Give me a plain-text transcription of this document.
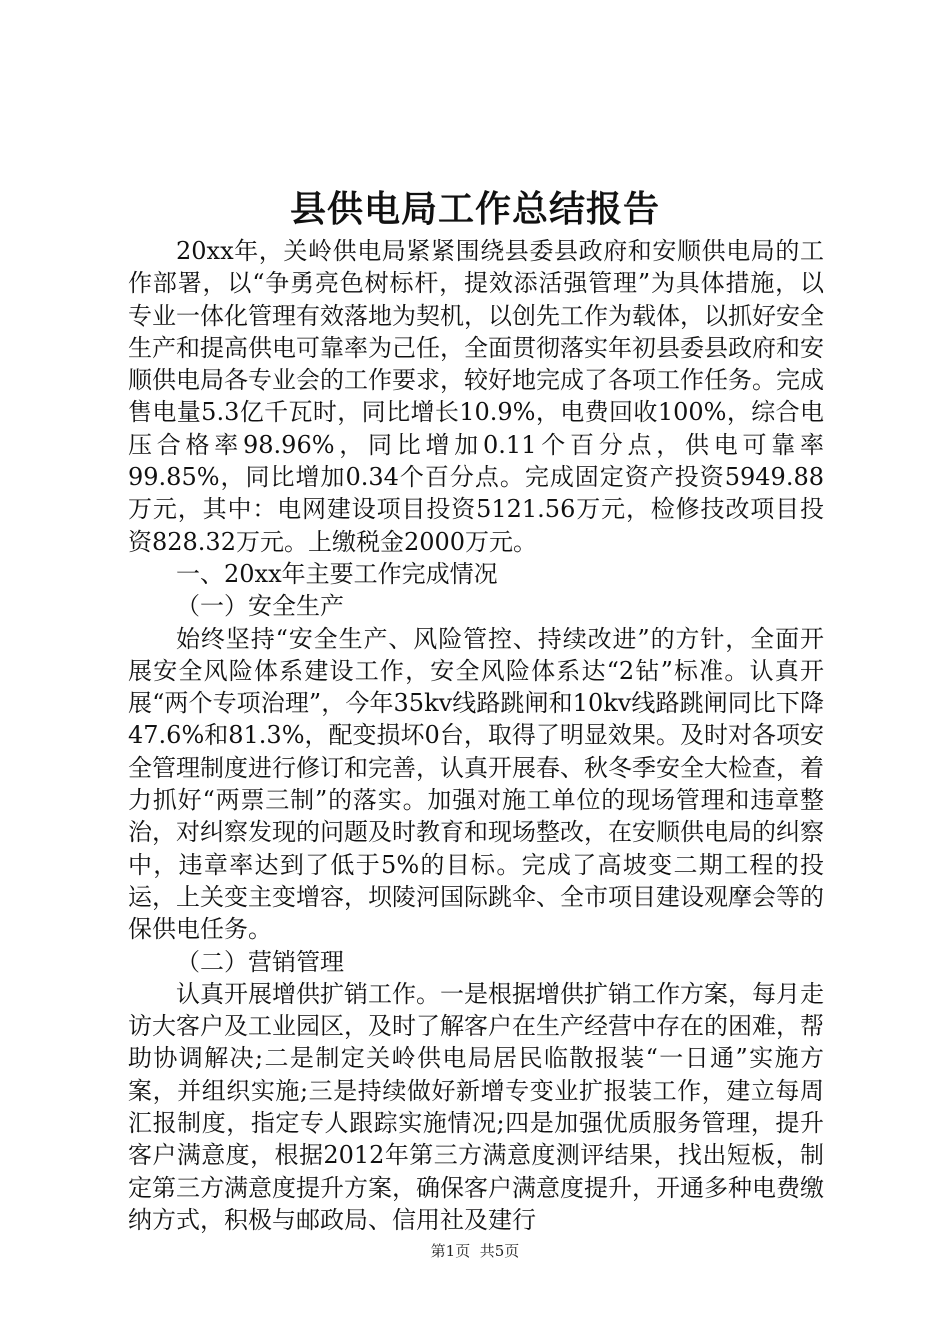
县供电局工作总结报告

20xx年，关岭供电局紧紧围绕县委县政府和安顺供电局的工作部署，以“争勇亮色树标杆，提效添活强管理”为具体措施，以专业一体化管理有效落地为契机，以创先工作为载体，以抓好安全生产和提高供电可靠率为己任，全面贯彻落实年初县委县政府和安顺供电局各专业会的工作要求，较好地完成了各项工作任务。完成售电量5.3亿千瓦时，同比增长10.9%，电费回收100%，综合电压合格率98.96%，同比增加0.11个百分点，供电可靠率99.85%，同比增加0.34个百分点。完成固定资产投资5949.88万元，其中：电网建设项目投资5121.56万元，检修技改项目投资828.32万元。上缴税金2000万元。

一、20xx年主要工作完成情况

（一）安全生产

始终坚持“安全生产、风险管控、持续改进”的方针，全面开展安全风险体系建设工作，安全风险体系达“2钻”标准。认真开展“两个专项治理”，今年35kv线路跳闸和10kv线路跳闸同比下降47.6%和81.3%，配变损坏0台，取得了明显效果。及时对各项安全管理制度进行修订和完善，认真开展春、秋冬季安全大检查，着力抓好“两票三制”的落实。加强对施工单位的现场管理和违章整治，对纠察发现的问题及时教育和现场整改，在安顺供电局的纠察中，违章率达到了低于5%的目标。完成了高坡变二期工程的投运，上关变主变增容，坝陵河国际跳伞、全市项目建设观摩会等的保供电任务。

（二）营销管理

认真开展增供扩销工作。一是根据增供扩销工作方案，每月走访大客户及工业园区，及时了解客户在生产经营中存在的困难，帮助协调解决;二是制定关岭供电局居民临散报装“一日通”实施方案，并组织实施;三是持续做好新增专变业扩报装工作，建立每周汇报制度，指定专人跟踪实施情况;四是加强优质服务管理，提升客户满意度，根据2012年第三方满意度测评结果，找出短板，制定第三方满意度提升方案，确保客户满意度提升，开通多种电费缴纳方式，积极与邮政局、信用社及建行

第1页 共5页
